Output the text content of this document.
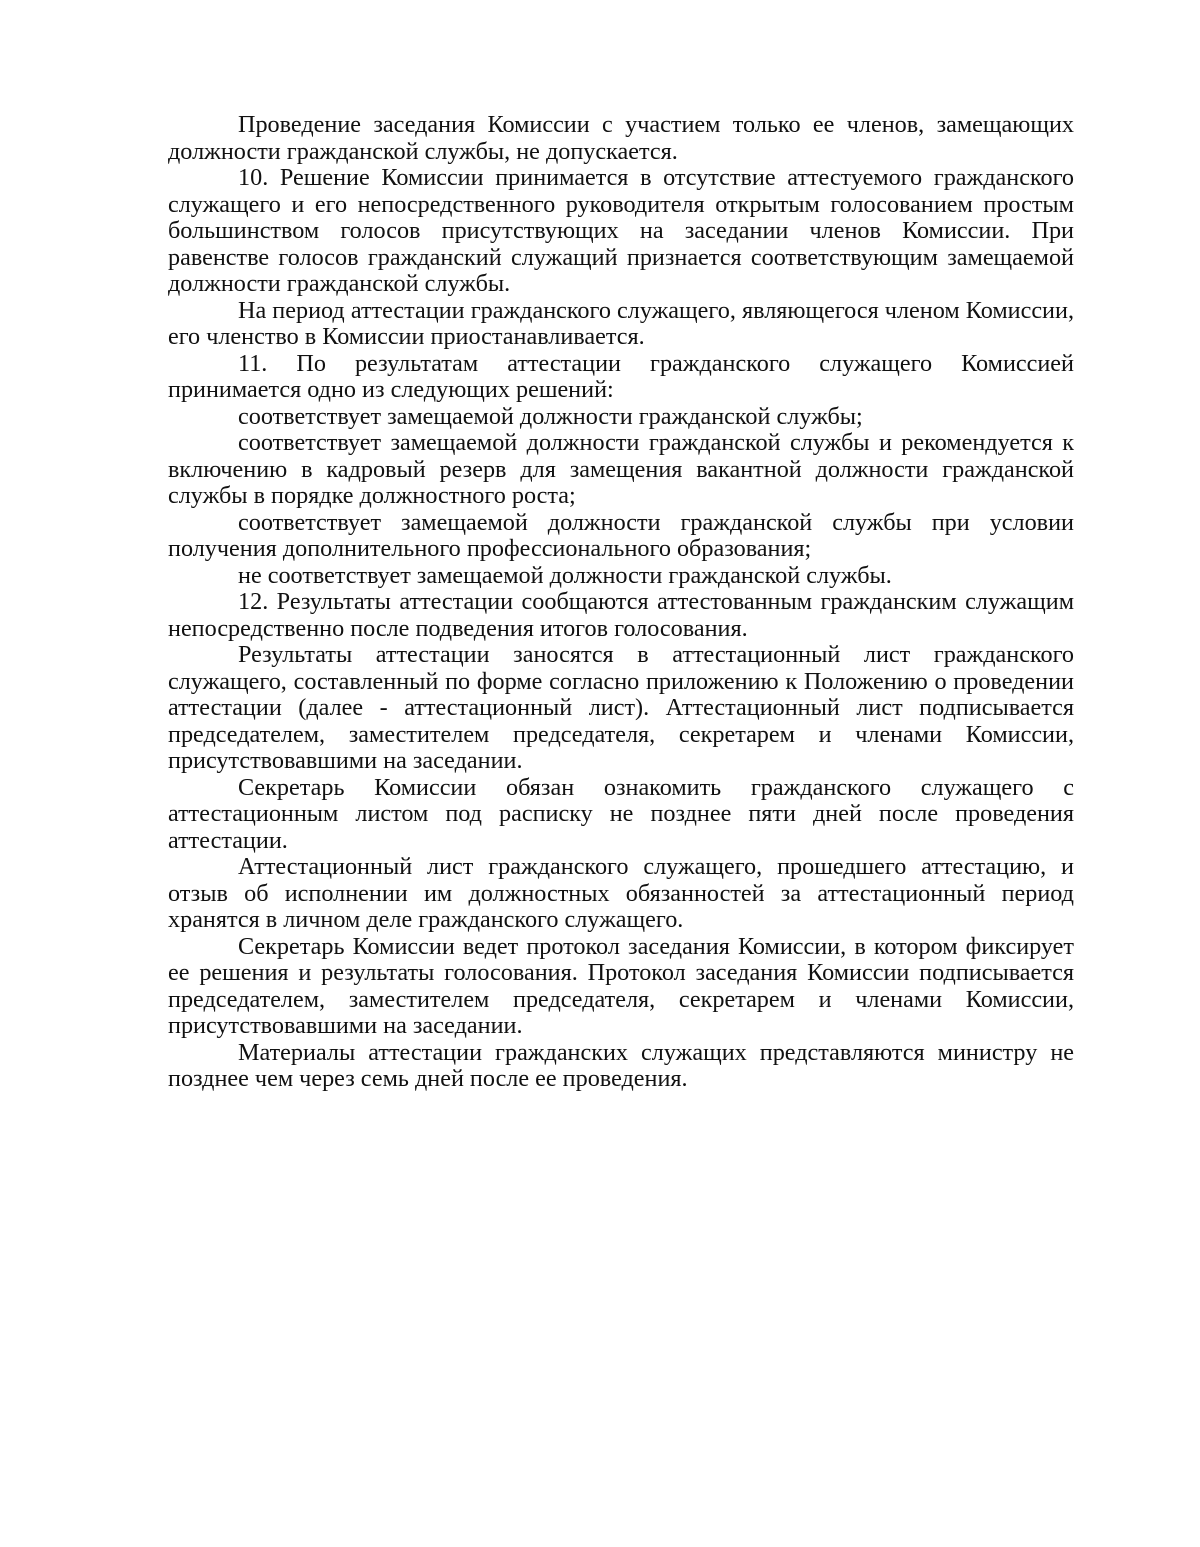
Проведение заседания Комиссии с участием только ее членов, замещающих должности гражданской службы, не допускается.

10. Решение Комиссии принимается в отсутствие аттестуемого гражданского служащего и его непосредственного руководителя открытым голосованием простым большинством голосов присутствующих на заседании членов Комиссии. При равенстве голосов гражданский служащий признается соответствующим замещаемой должности гражданской службы.

На период аттестации гражданского служащего, являющегося членом Комиссии, его членство в Комиссии приостанавливается.

11. По результатам аттестации гражданского служащего Комиссией принимается одно из следующих решений:

соответствует замещаемой должности гражданской службы;

соответствует замещаемой должности гражданской службы и рекомендуется к включению в кадровый резерв для замещения вакантной должности гражданской службы в порядке должностного роста;

соответствует замещаемой должности гражданской службы при условии получения дополнительного профессионального образования;

не соответствует замещаемой должности гражданской службы.

12. Результаты аттестации сообщаются аттестованным гражданским служащим непосредственно после подведения итогов голосования.

Результаты аттестации заносятся в аттестационный лист гражданского служащего, составленный по форме согласно приложению к Положению о проведении аттестации (далее - аттестационный лист). Аттестационный лист подписывается председателем, заместителем председателя, секретарем и членами Комиссии, присутствовавшими на заседании.

Секретарь Комиссии обязан ознакомить гражданского служащего с аттестационным листом под расписку не позднее пяти дней после проведения аттестации.

Аттестационный лист гражданского служащего, прошедшего аттестацию, и отзыв об исполнении им должностных обязанностей за аттестационный период хранятся в личном деле гражданского служащего.

Секретарь Комиссии ведет протокол заседания Комиссии, в котором фиксирует ее решения и результаты голосования. Протокол заседания Комиссии подписывается председателем, заместителем председателя, секретарем и членами Комиссии, присутствовавшими на заседании.

Материалы аттестации гражданских служащих представляются министру не позднее чем через семь дней после ее проведения.
